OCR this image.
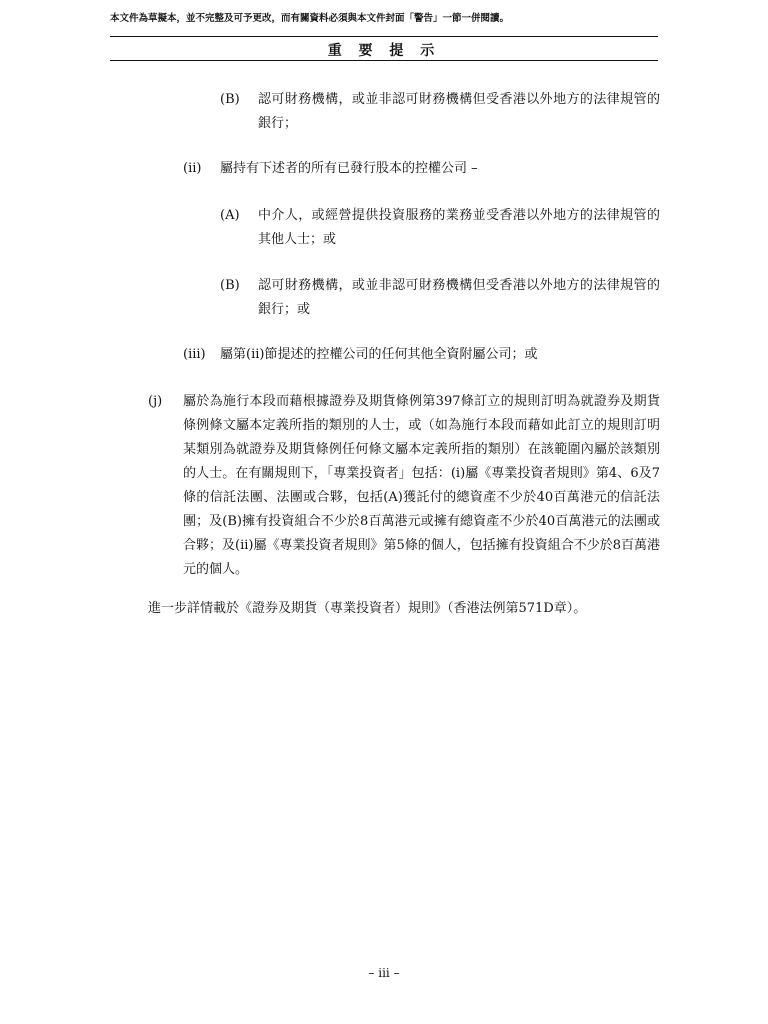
本文件為草擬本，並不完整及可予更改，而有關資料必須與本文件封面「警告」一節一併閱讀。
重 要 提 示
(B) 認可財務機構，或並非認可財務機構但受香港以外地方的法律規管的銀行；
(ii) 屬持有下述者的所有已發行股本的控權公司 –
(A) 中介人，或經營提供投資服務的業務並受香港以外地方的法律規管的其他人士；或
(B) 認可財務機構，或並非認可財務機構但受香港以外地方的法律規管的銀行；或
(iii) 屬第(ii)節提述的控權公司的任何其他全資附屬公司；或
(j) 屬於為施行本段而藉根據證券及期貨條例第397條訂立的規則訂明為就證券及期貨條例條文屬本定義所指的類別的人士，或（如為施行本段而藉如此訂立的規則訂明某類別為就證券及期貨條例任何條文屬本定義所指的類別）在該範圍內屬於該類別的人士。在有關規則下，「專業投資者」包括：(i)屬《專業投資者規則》第4、6及7條的信託法團、法團或合夥，包括(A)獲託付的總資產不少於40百萬港元的信託法團；及(B)擁有投資組合不少於8百萬港元或擁有總資產不少於40百萬港元的法團或合夥；及(ii)屬《專業投資者規則》第5條的個人，包括擁有投資組合不少於8百萬港元的個人。
進一步詳情載於《證券及期貨（專業投資者）規則》（香港法例第571D章）。
– iii –
